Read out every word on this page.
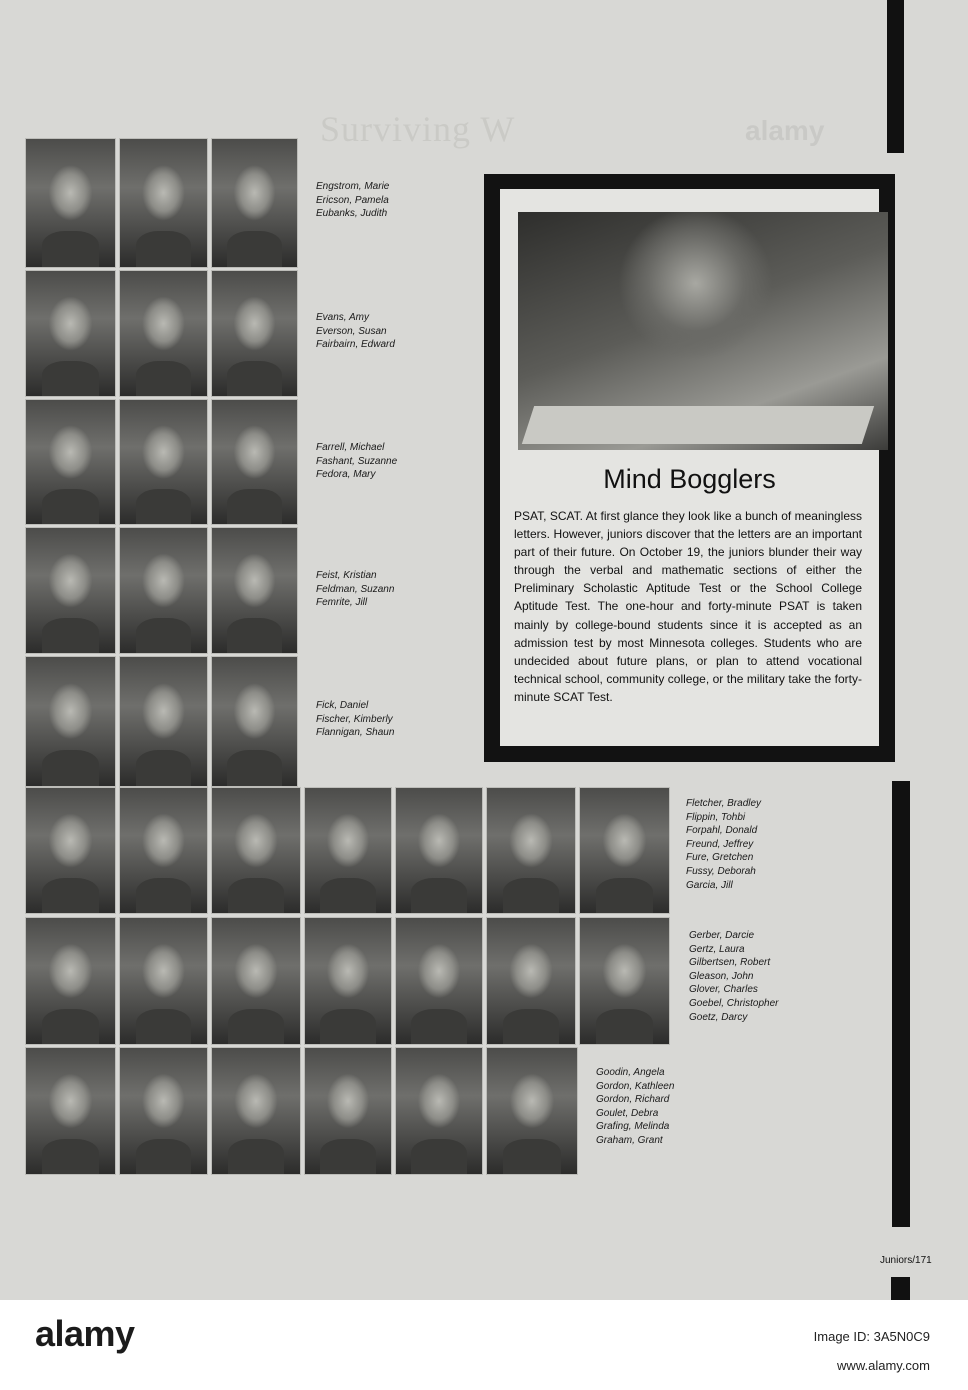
Surviving W	alamy
Engstrom, Marie
Ericson, Pamela
Eubanks, Judith
Evans, Amy
Everson, Susan
Fairbairn, Edward
Farrell, Michael
Fashant, Suzanne
Fedora, Mary
Feist, Kristian
Feldman, Suzann
Femrite, Jill
Fick, Daniel
Fischer, Kimberly
Flannigan, Shaun
Mind Bogglers
PSAT, SCAT. At first glance they look like a bunch of meaningless letters. However, juniors discover that the letters are an important part of their future. On October 19, the juniors blunder their way through the verbal and mathematic sections of either the Preliminary Scholastic Aptitude Test or the School College Aptitude Test. The one-hour and forty-minute PSAT is taken mainly by college-bound students since it is accepted as an admission test by most Minnesota colleges. Students who are undecided about future plans, or plan to attend vocational technical school, community college, or the military take the forty-minute SCAT Test.
Fletcher, Bradley
Flippin, Tohbi
Forpahl, Donald
Freund, Jeffrey
Fure, Gretchen
Fussy, Deborah
Garcia, Jill
Gerber, Darcie
Gertz, Laura
Gilbertsen, Robert
Gleason, John
Glover, Charles
Goebel, Christopher
Goetz, Darcy
Goodin, Angela
Gordon, Kathleen
Gordon, Richard
Goulet, Debra
Grafing, Melinda
Graham, Grant
Juniors/171
alamy	Image ID: 3A5N0C9
www.alamy.com
